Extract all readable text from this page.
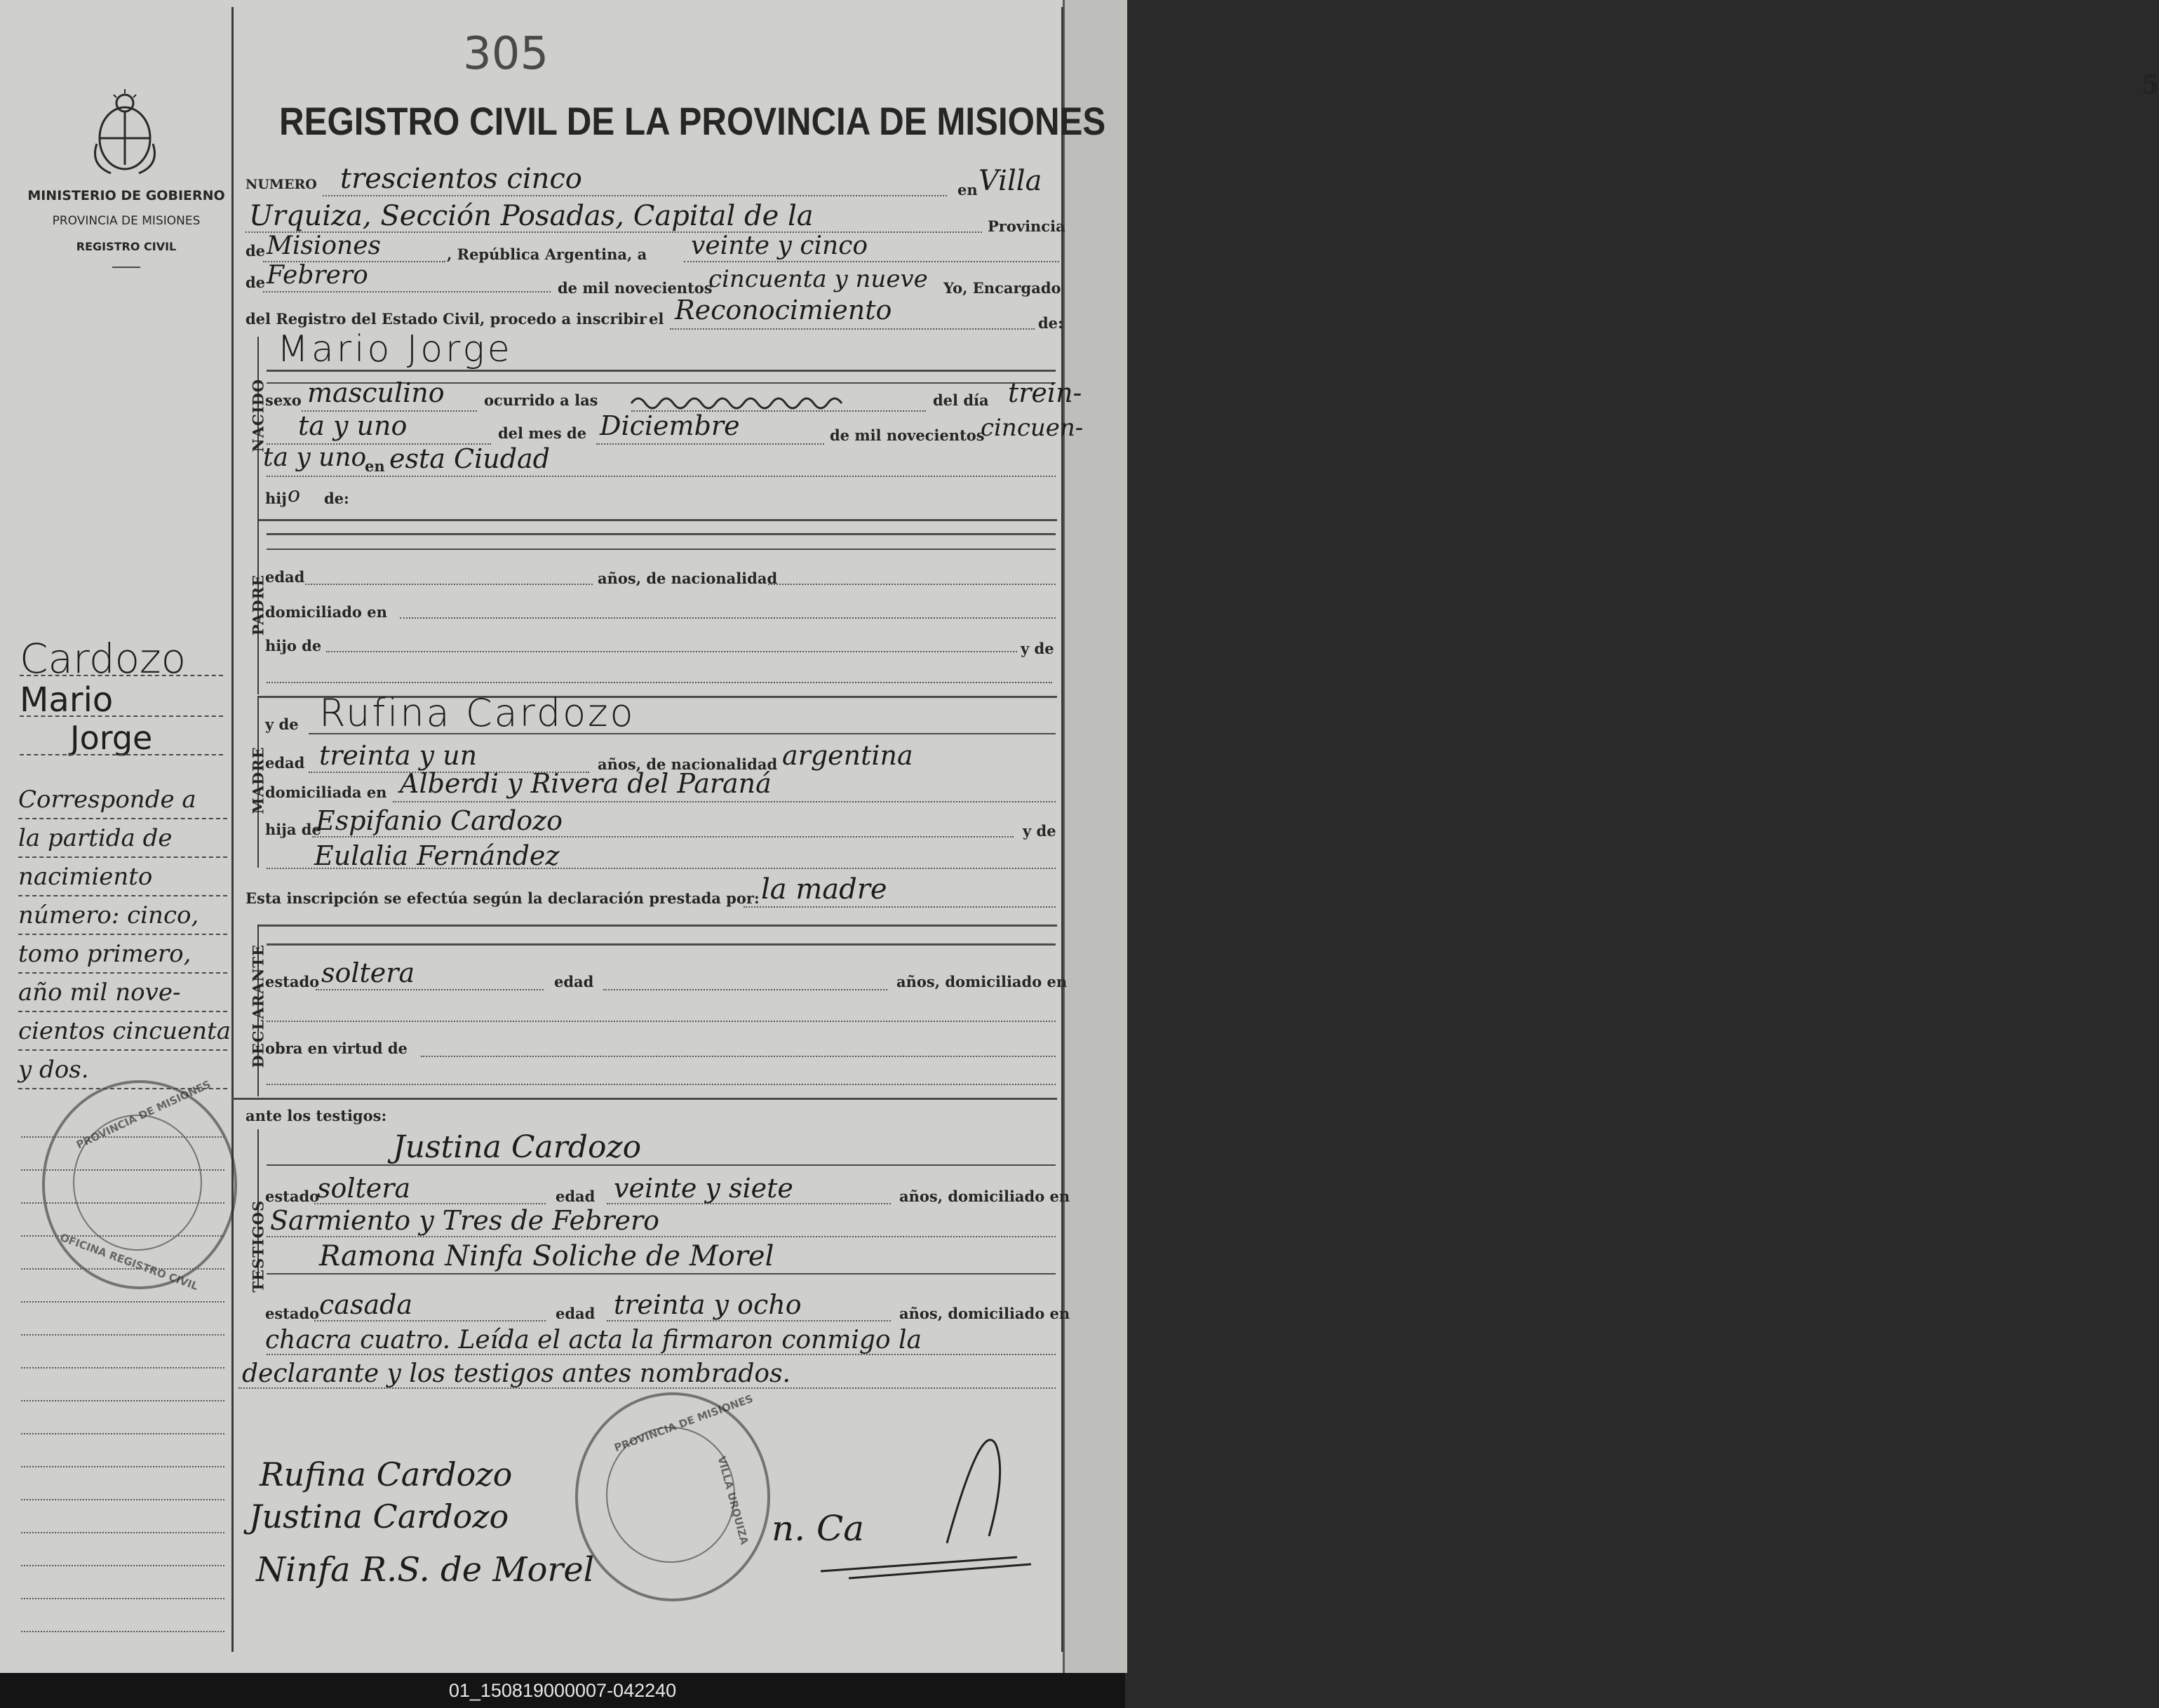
5
305
MINISTERIO DE GOBIERNO
PROVINCIA DE MISIONES
REGISTRO CIVIL
REGISTRO CIVIL DE LA PROVINCIA DE MISIONES
Cardozo
Mario
Jorge
NUMERO trescientos cinco	en Villa
Urquiza, Sección Posadas, Capital de la	Provincia
de Misiones	, República Argentina, a veinte y cinco
de Febrero	de mil novecientos
cincuenta y nueve Yo, Encargado
del Registro del Estado Civil, procedo a inscribir el Reconocimiento	de:
NACIDO
Mario Jorge
sexo masculino	ocurrido a las	del día trein-
ta y uno	del mes de Diciembre	de mil novecientos
cincuen-
ta y uno
en esta Ciudad
hij o de:
PADRE
edad	años, de nacionalidad
domiciliado en
hijo de	y de
MADRE
y de Rufina Cardozo
edad treinta y un	años, de nacionalidad argentina
domiciliada en Alberdi y Rivera del Paraná
hija de
Espifanio Cardozo	y de
Eulalia Fernández
Esta inscripción se efectúa según la declaración prestada por: la madre
DECLARANTE
estado soltera	edad	años, domiciliado en
obra en virtud de
ante los testigos:
TESTIGOS
Justina Cardozo
estado
soltera	edad veinte y siete	años, domiciliado en
Sarmiento y Tres de Febrero
Ramona Ninfa Soliche de Morel
estado casada	edad treinta y ocho	años, domiciliado en
chacra cuatro. Leída el acta la firmaron conmigo la
declarante y los testigos antes nombrados.
Rufina Cardozo
Justina Cardozo
Ninfa R.S. de Morel
n. Ca
PROVINCIA DE MISIONES
OFICINA REGISTRO CIVIL
PROVINCIA DE MISIONES
VILLA URQUIZA
Corresponde a
la partida de
nacimiento
número: cinco,
tomo primero,
año mil nove-
cientos cincuenta
y dos.
01_150819000007-042240
